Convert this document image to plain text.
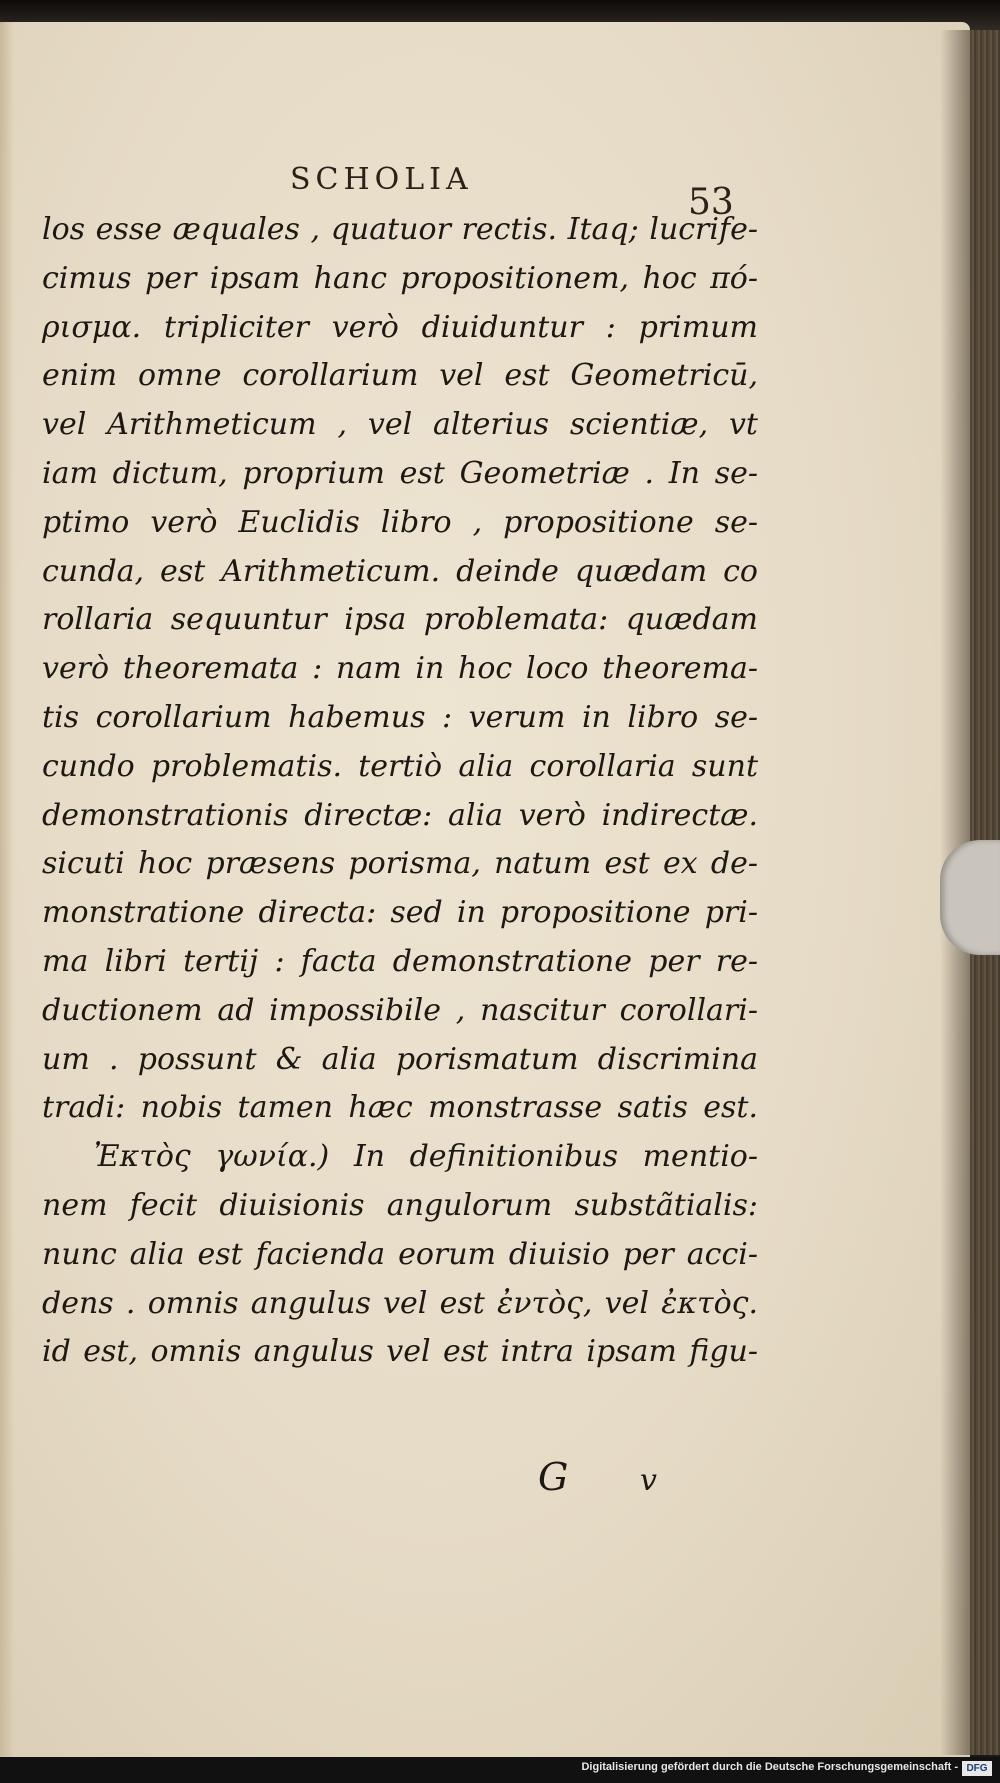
SCHOLIA
53
los esse æquales , quatuor rectis. Itaq; lucrife-
cimus per ipsam hanc propositionem, hoc πό-
ρισμα. tripliciter verò diuiduntur : primum
enim omne corollarium vel est Geometricū,
vel Arithmeticum , vel alterius scientiæ, vt
iam dictum, proprium est Geometriæ . In se-
ptimo verò Euclidis libro , propositione se-
cunda, est Arithmeticum. deinde quædam co
rollaria sequuntur ipsa problemata: quædam
verò theoremata : nam in hoc loco theorema-
tis corollarium habemus : verum in libro se-
cundo problematis. tertiò alia corollaria sunt
demonstrationis directæ: alia verò indirectæ.
sicuti hoc præsens porisma, natum est ex de-
monstratione directa: sed in propositione pri-
ma libri tertij : facta demonstratione per re-
ductionem ad impossibile , nascitur corollari-
um . possunt & alia porismatum discrimina
tradi: nobis tamen hæc monstrasse satis est.
Ἐκτὸς γωνία.) In definitionibus mentio-
nem fecit diuisionis angulorum substãtialis:
nunc alia est facienda eorum diuisio per acci-
dens . omnis angulus vel est ἐντὸς, vel ἐκτὸς.
id est, omnis angulus vel est intra ipsam figu-
G v
Digitalisierung gefördert durch die Deutsche Forschungsgemeinschaft - DFG
